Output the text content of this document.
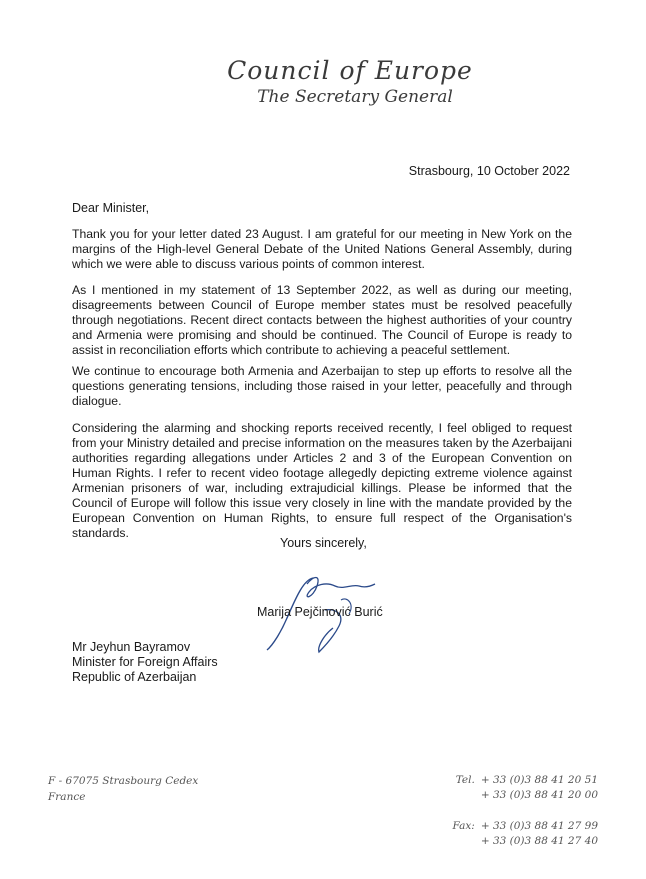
Council of Europe
The Secretary General
Strasbourg, 10 October 2022
Dear Minister,

Thank you for your letter dated 23 August. I am grateful for our meeting in New York on the margins of the High-level General Debate of the United Nations General Assembly, during which we were able to discuss various points of common interest.

As I mentioned in my statement of 13 September 2022, as well as during our meeting, disagreements between Council of Europe member states must be resolved peacefully through negotiations. Recent direct contacts between the highest authorities of your country and Armenia were promising and should be continued. The Council of Europe is ready to assist in reconciliation efforts which contribute to achieving a peaceful settlement.

We continue to encourage both Armenia and Azerbaijan to step up efforts to resolve all the questions generating tensions, including those raised in your letter, peacefully and through dialogue.

Considering the alarming and shocking reports received recently, I feel obliged to request from your Ministry detailed and precise information on the measures taken by the Azerbaijani authorities regarding allegations under Articles 2 and 3 of the European Convention on Human Rights. I refer to recent video footage allegedly depicting extreme violence against Armenian prisoners of war, including extrajudicial killings. Please be informed that the Council of Europe will follow this issue very closely in line with the mandate provided by the European Convention on Human Rights, to ensure full respect of the Organisation's standards.

Yours sincerely,
Marija Pejčinović Burić
Mr Jeyhun Bayramov
Minister for Foreign Affairs
Republic of Azerbaijan
F - 67075 Strasbourg Cedex
France
Tel. + 33 (0)3 88 41 20 51
+ 33 (0)3 88 41 20 00
Fax: + 33 (0)3 88 41 27 99
+ 33 (0)3 88 41 27 40
